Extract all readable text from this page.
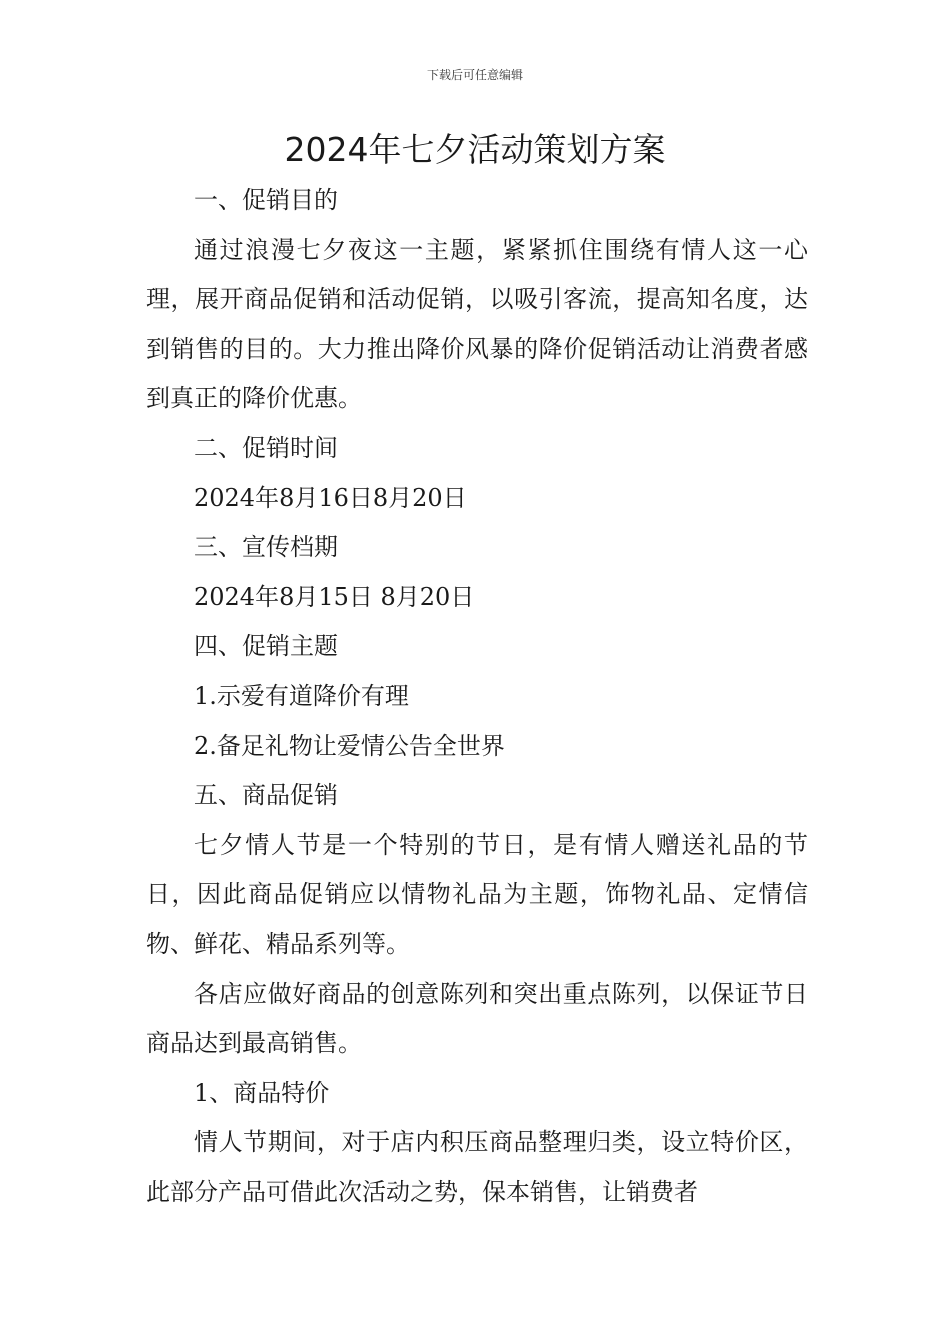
下载后可任意编辑
2024年七夕活动策划方案

一、促销目的

通过浪漫七夕夜这一主题，紧紧抓住围绕有情人这一心理，展开商品促销和活动促销，以吸引客流，提高知名度，达到销售的目的。大力推出降价风暴的降价促销活动让消费者感到真正的降价优惠。

二、促销时间

2024年8月16日8月20日

三、宣传档期

2024年8月15日 8月20日

四、促销主题

1.示爱有道降价有理

2.备足礼物让爱情公告全世界

五、商品促销

七夕情人节是一个特别的节日，是有情人赠送礼品的节日，因此商品促销应以情物礼品为主题，饰物礼品、定情信物、鲜花、精品系列等。

各店应做好商品的创意陈列和突出重点陈列，以保证节日商品达到最高销售。

1、商品特价

情人节期间，对于店内积压商品整理归类，设立特价区，此部分产品可借此次活动之势，保本销售，让销费者
